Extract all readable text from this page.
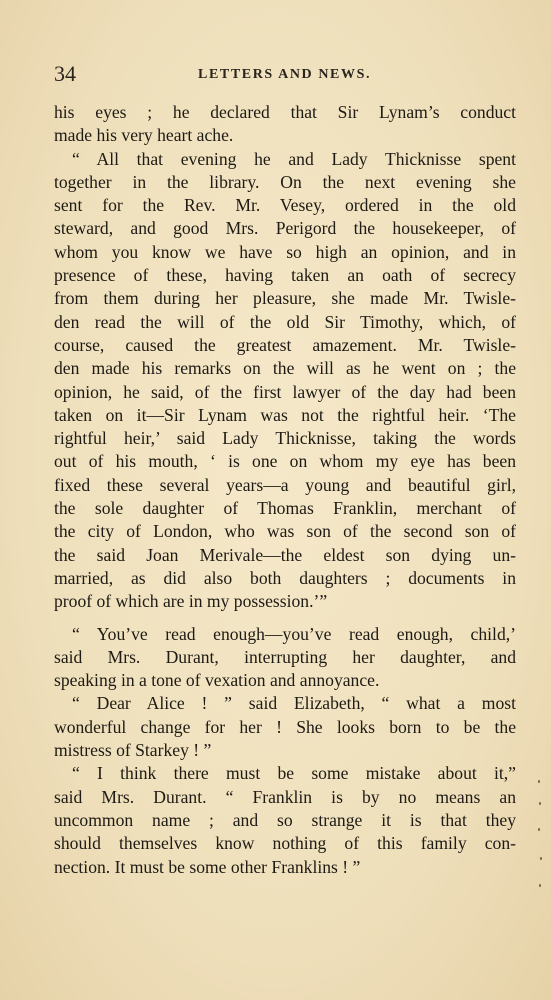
34	LETTERS AND NEWS.
his eyes ; he declared that Sir Lynam’s conduct
made his very heart ache.
“ All that evening he and Lady Thicknisse spent
together in the library. On the next evening she
sent for the Rev. Mr. Vesey, ordered in the old
steward, and good Mrs. Perigord the housekeeper, of
whom you know we have so high an opinion, and in
presence of these, having taken an oath of secrecy
from them during her pleasure, she made Mr. Twisle-
den read the will of the old Sir Timothy, which, of
course, caused the greatest amazement. Mr. Twisle-
den made his remarks on the will as he went on ; the
opinion, he said, of the first lawyer of the day had been
taken on it—Sir Lynam was not the rightful heir. ‘The
rightful heir,’ said Lady Thicknisse, taking the words
out of his mouth, ‘ is one on whom my eye has been
fixed these several years—a young and beautiful girl,
the sole daughter of Thomas Franklin, merchant of
the city of London, who was son of the second son of
the said Joan Merivale—the eldest son dying un-
married, as did also both daughters ; documents in
proof of which are in my possession.’”
“ You’ve read enough—you’ve read enough, child,’
said Mrs. Durant, interrupting her daughter, and
speaking in a tone of vexation and annoyance.
“ Dear Alice ! ” said Elizabeth, “ what a most
wonderful change for her ! She looks born to be the
mistress of Starkey ! ”
“ I think there must be some mistake about it,”
said Mrs. Durant. “ Franklin is by no means an
uncommon name ; and so strange it is that they
should themselves know nothing of this family con-
nection. It must be some other Franklins ! ”
